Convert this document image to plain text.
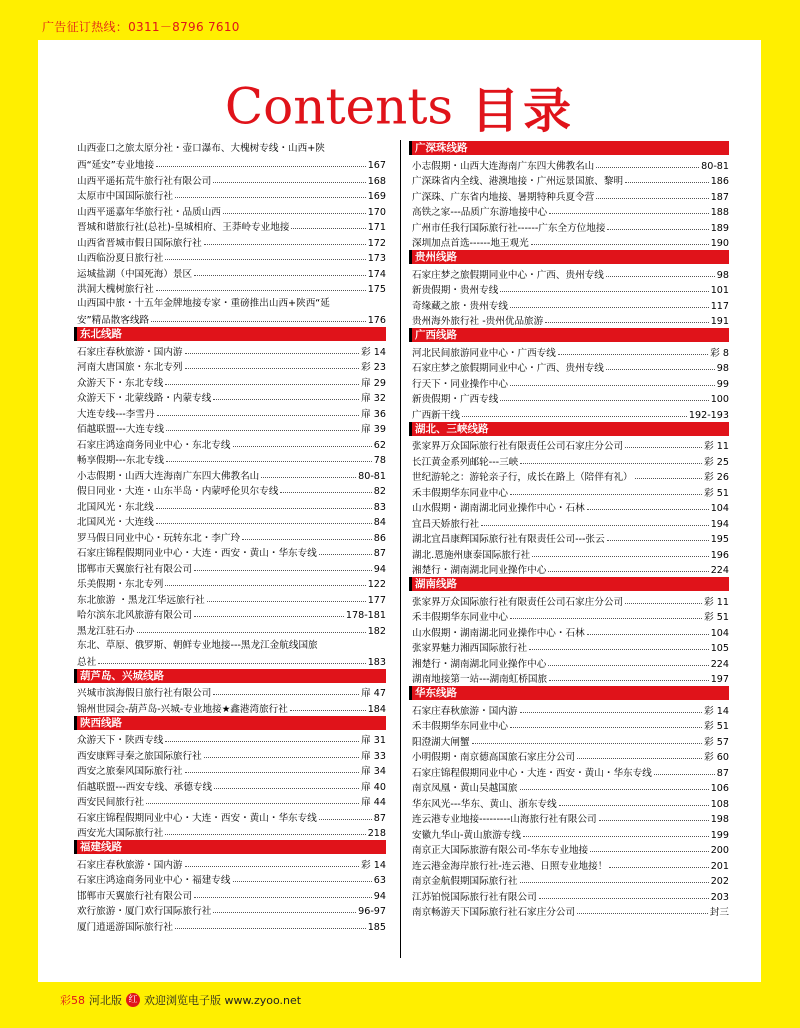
广告征订热线：0311－8796 7610
Contents 目录
山西壶口之旅太原分社・壶口瀑布、大槐树专线・山西+陕
西“延安”专业地接	167
山西平遥拓荒牛旅行社有限公司	168
太原市中国国际旅行社	169
山西平遥嘉年华旅行社・品质山西	170
晋城和谐旅行社(总社)-皇城相府、王莽岭专业地接	171
山西省晋城市假日国际旅行社	172
山西临汾夏日旅行社	173
运城盐湖（中国死海）景区	174
洪洞大槐树旅行社	175
山西国中旅・十五年金牌地接专家・重磅推出山西+陕西“延
安”精品散客线路	176
东北线路
石家庄春秋旅游・国内游	彩 14
河南大唐国旅・东北专列	彩 23
众游天下・东北专线	扉 29
众游天下・北蒙线路・内蒙专线	扉 32
大连专线---李雪丹	扉 36
佰越联盟---大连专线	扉 39
石家庄鸿途商务同业中心・东北专线	62
畅享假期---东北专线	78
小志假期・山西大连海南广东四大佛教名山	80-81
假日同业・大连・山东半岛・内蒙呼伦贝尔专线	82
北国风光・东北线	83
北国风光・大连线	84
罗马假日同业中心・玩转东北・李广玲	86
石家庄锦程假期同业中心・大连・西安・黄山・华东专线	87
邯郸市天翼旅行社有限公司	94
乐美假期・东北专列	122
东北旅游 ・黑龙江华远旅行社	177
哈尔滨东北风旅游有限公司	178-181
黑龙江驻石办	182
东北、草原、俄罗斯、朝鲜专业地接---黑龙江金航线国旅
总社	183
葫芦岛、兴城线路
兴城市滨海假日旅行社有限公司	扉 47
锦州世园会-葫芦岛-兴城-专业地接★鑫港湾旅行社	184
陕西线路
众游天下・陕西专线	扉 31
西安康辉寻秦之旅国际旅行社	扉 33
西安之旅秦风国际旅行社	扉 34
佰越联盟---西安专线、承德专线	扉 40
西安民间旅行社	扉 44
石家庄锦程假期同业中心・大连・西安・黄山・华东专线	87
西安光大国际旅行社	218
福建线路
石家庄春秋旅游・国内游	彩 14
石家庄鸿途商务同业中心・福建专线	63
邯郸市天翼旅行社有限公司	94
欢行旅游・厦门欢行国际旅行社	96-97
厦门逍遥游国际旅行社	185
广深珠线路
小志假期・山西大连海南广东四大佛教名山	80-81
广深珠省内全线、港澳地接・广州远景国旅、黎明	186
广深珠、广东省内地接、暑期特种兵夏令营	187
高铁之家---品质广东游地接中心	188
广州市任我行国际旅行社------广东全方位地接	189
深圳加点首选------地王观光	190
贵州线路
石家庄梦之旅假期同业中心・广西、贵州专线	98
新贵假期・贵州专线	101
奇缘藏之旅・贵州专线	117
贵州海外旅行社 -贵州优品旅游	191
广西线路
河北民间旅游同业中心・广西专线	彩 8
石家庄梦之旅假期同业中心・广西、贵州专线	98
行天下・同业操作中心	99
新贵假期・广西专线	100
广西新干线	192-193
湖北、三峡线路
张家界万众国际旅行社有限责任公司石家庄分公司	彩 11
长江黄金系列邮轮---三峡	彩 25
世纪游轮之：游轮亲子行，成长在路上（陪伴有礼）	彩 26
禾丰假期华东同业中心	彩 51
山水假期・湖南湖北同业操作中心・石林	104
宜昌天娇旅行社	194
湖北宜昌康辉国际旅行社有限责任公司---张云	195
湖北.恩施州康泰国际旅行社	196
湘楚行・湖南湖北同业操作中心	224
湖南线路
张家界万众国际旅行社有限责任公司石家庄分公司	彩 11
禾丰假期华东同业中心	彩 51
山水假期・湖南湖北同业操作中心・石林	104
张家界魅力湘西国际旅行社	105
湘楚行・湖南湖北同业操作中心	224
湖南地接第一站---湖南虹桥国旅	197
华东线路
石家庄春秋旅游・国内游	彩 14
禾丰假期华东同业中心	彩 51
阳澄湖大闸蟹	彩 57
小明假期・南京德高国旅石家庄分公司	彩 60
石家庄锦程假期同业中心・大连・西安・黄山・华东专线	87
南京凤凰・黄山吴越国旅	106
华东风光---华东、黄山、浙东专线	108
连云港专业地接---------山海旅行社有限公司	198
安徽九华山-黄山旅游专线	199
南京正大国际旅游有限公司-华东专业地接	200
连云港金海岸旅行社-连云港、日照专业地接！	201
南京金航假期国际旅行社	202
江苏铂悦国际旅行社有限公司	203
南京畅游天下国际旅行社石家庄分公司	封三
彩58 河北版 红 欢迎浏览电子版 www.zyoo.net
